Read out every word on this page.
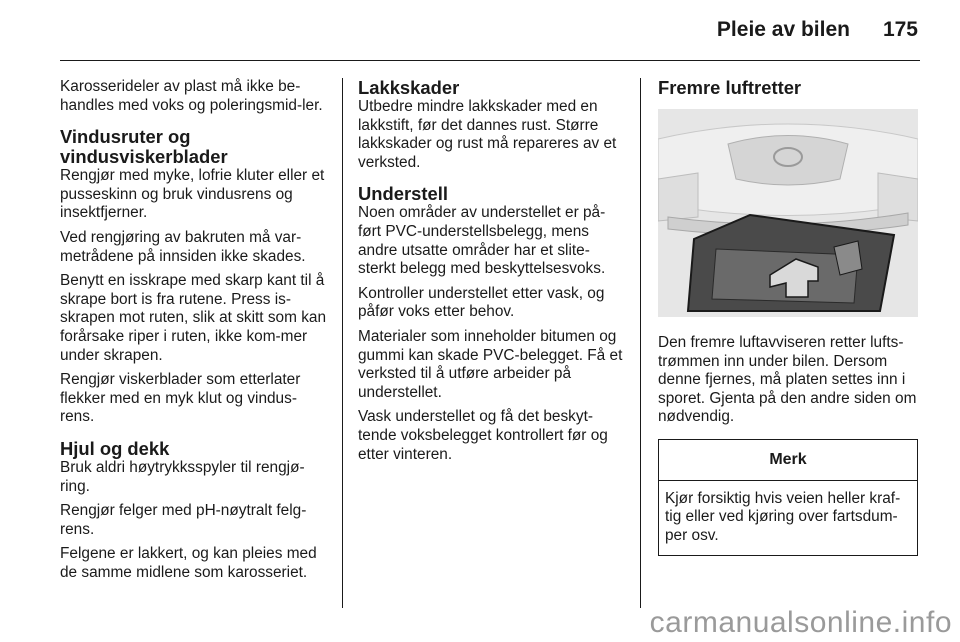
Pleie av bilen 175

Karosserideler av plast må ikke be-handles med voks og poleringsmid-ler.

Vindusruter og vindusviskerblader

Rengjør med myke, lofrie kluter eller et pusseskinn og bruk vindusrens og insektfjerner.

Ved rengjøring av bakruten må var-metrådene på innsiden ikke skades.

Benytt en isskrape med skarp kant til å skrape bort is fra rutene. Press is-skrapen mot ruten, slik at skitt som kan forårsake riper i ruten, ikke kom-mer under skrapen.

Rengjør viskerblader som etterlater flekker med en myk klut og vindus-rens.

Hjul og dekk

Bruk aldri høytrykksspyler til rengjø-ring.

Rengjør felger med pH-nøytralt felg-rens.

Felgene er lakkert, og kan pleies med de samme midlene som karosseriet.

Lakkskader

Utbedre mindre lakkskader med en lakkstift, før det dannes rust. Større lakkskader og rust må repareres av et verksted.

Understell

Noen områder av understellet er på-ført PVC-understellsbelegg, mens andre utsatte områder har et slite-sterkt belegg med beskyttelsesvoks.

Kontroller understellet etter vask, og påfør voks etter behov.

Materialer som inneholder bitumen og gummi kan skade PVC-belegget. Få et verksted til å utføre arbeider på understellet.

Vask understellet og få det beskyt-tende voksbelegget kontrollert før og etter vinteren.

Fremre luftretter

Den fremre luftavviseren retter lufts-trømmen inn under bilen. Dersom denne fjernes, må platen settes inn i sporet. Gjenta på den andre siden om nødvendig.

Merk
Kjør forsiktig hvis veien heller kraf-tig eller ved kjøring over fartsdum-per osv.
carmanualsonline.info
